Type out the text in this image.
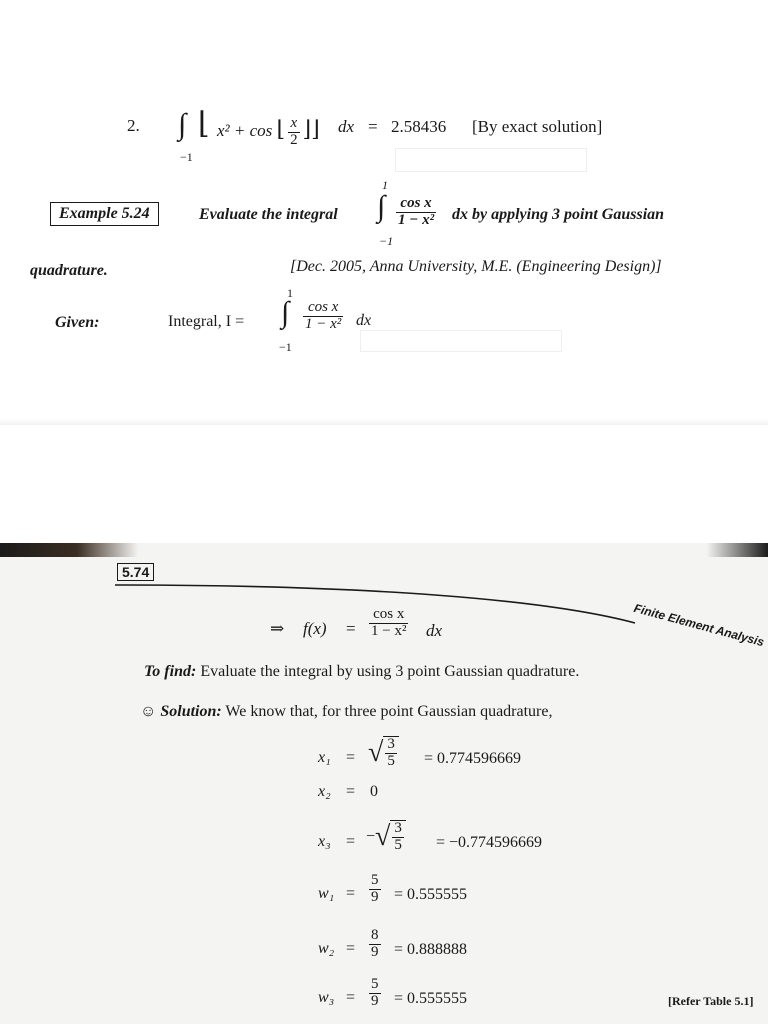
2. ∫
−1
⌊ x² + cos ⌊ $\frac{x}{2}$ ⌋⌋ dx = 2.58436 [By exact solution]
Example 5.24	Evaluate the integral
1
∫
−1
$\frac{\text{cos x}}{\text{1 − x²}}$ dx by applying 3 point Gaussian
quadrature.	[Dec. 2005, Anna University, M.E. (Engineering Design)]
Given:	Integral, I =
1
∫
−1
$\frac{\text{cos x}}{\text{1 − x²}}$ dx
5.74
Finite Element Analysis
⇒ $f(x) = \frac{\text{cos x}}{\text{1 − x²}}$ dx
To find: Evaluate the integral by using 3 point Gaussian quadrature.
☺ Solution: We know that, for three point Gaussian quadrature,
x₁ = √ $\frac{3}{5} = 0.774596669$
x₂ = 0
x₃ = −√ $\frac{3}{5} = -0.774596669$
$w_1 = \frac{5}{9} = 0.555555$
$w_2 = \frac{8}{9} = 0.888888$
$w_3 = \frac{5}{9} = 0.555555$	[Refer Table 5.1]
